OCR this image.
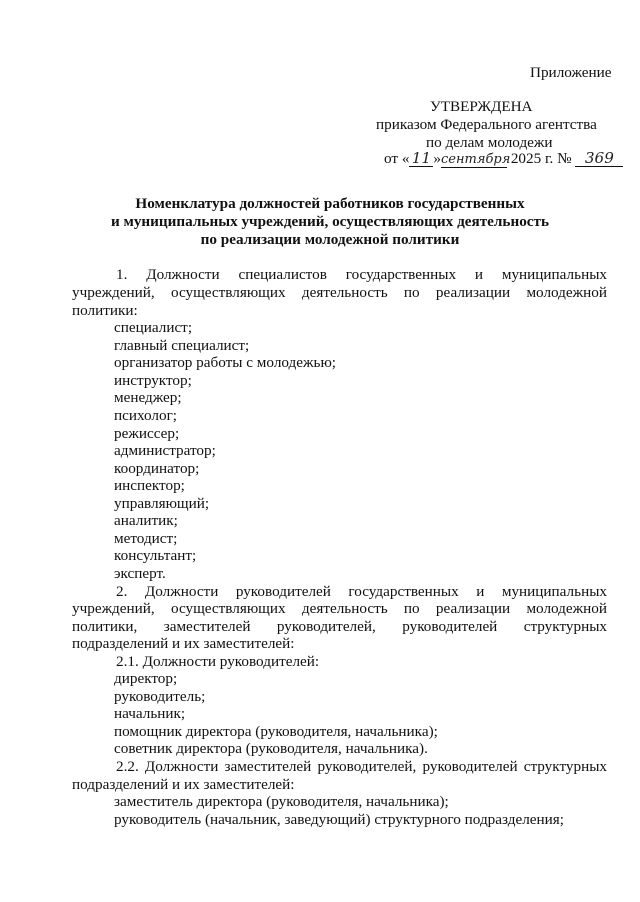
Приложение
УТВЕРЖДЕНА
приказом Федерального агентства
по делам молодежи
от « 11 »сентября 2025 г. № 369
Номенклатура должностей работников государственных
и муниципальных учреждений, осуществляющих деятельность
по реализации молодежной политики
1. Должности специалистов государственных и муниципальных
учреждений, осуществляющих деятельность по реализации молодежной
политики:
специалист;
главный специалист;
организатор работы с молодежью;
инструктор;
менеджер;
психолог;
режиссер;
администратор;
координатор;
инспектор;
управляющий;
аналитик;
методист;
консультант;
эксперт.
2. Должности руководителей государственных и муниципальных
учреждений, осуществляющих деятельность по реализации молодежной
политики, заместителей руководителей, руководителей структурных
подразделений и их заместителей:
2.1. Должности руководителей:
директор;
руководитель;
начальник;
помощник директора (руководителя, начальника);
советник директора (руководителя, начальника).
2.2. Должности заместителей руководителей, руководителей структурных
подразделений и их заместителей:
заместитель директора (руководителя, начальника);
руководитель (начальник, заведующий) структурного подразделения;
